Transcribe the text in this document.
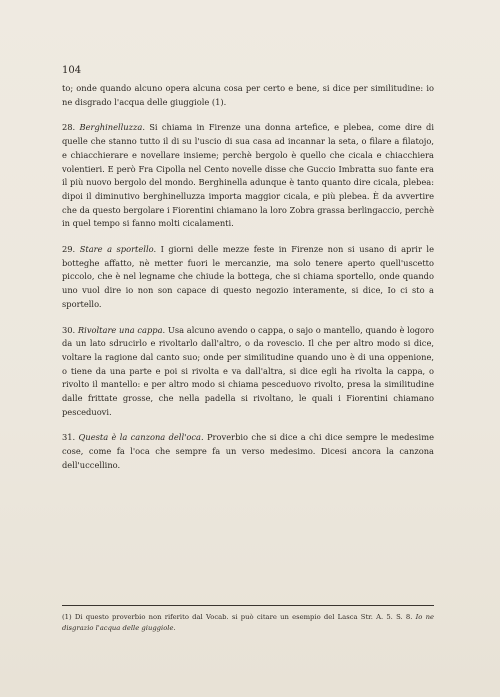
104

to; onde quando alcuno opera alcuna cosa per certo e bene, si dice per similitudine: io ne disgrado l'acqua delle giuggiole (1).

28. Berghinelluzza. Si chiama in Firenze una donna artefice, e plebea, come dire di quelle che stanno tutto il di su l'uscio di sua casa ad incannar la seta, o filare a filatojo, e chiacchierare e novellare insieme; perchè bergolo è quello che cicala e chiacchiera volentieri. E però Fra Cipolla nel Cento novelle disse che Guccio Imbratta suo fante era il più nuovo bergolo del mondo. Berghinella adunque è tanto quanto dire cicala, plebea: dipoi il diminutivo berghinelluzza importa maggior cicala, e più plebea. È da avvertire che da questo bergolare i Fiorentini chiamano la loro Zobra grassa berlingaccio, perchè in quel tempo si fanno molti cicalamenti.

29. Stare a sportello. I giorni delle mezze feste in Firenze non si usano di aprir le botteghe affatto, nè metter fuori le mercanzie, ma solo tenere aperto quell'uscetto piccolo, che è nel legname che chiude la bottega, che si chiama sportello, onde quando uno vuol dire io non son capace di questo negozio interamente, si dice, Io ci sto a sportello.

30. Rivoltare una cappa. Usa alcuno avendo o cappa, o sajo o mantello, quando è logoro da un lato sdrucirlo e rivoltarlo dall'altro, o da rovescio. Il che per altro modo si dice, voltare la ragione dal canto suo; onde per similitudine quando uno è di una oppenione, o tiene da una parte e poi si rivolta e va dall'altra, si dice egli ha rivolta la cappa, o rivolto il mantello: e per altro modo si chiama pesceduovo rivolto, presa la similitudine dalle frittate grosse, che nella padella si rivoltano, le quali i Fiorentini chiamano pesceduovi.

31. Questa è la canzona dell'oca. Proverbio che si dice a chi dice sempre le medesime cose, come fa l'oca che sempre fa un verso medesimo. Dicesi ancora la canzona dell'uccellino.

(1) Di questo proverbio non riferito dal Vocab. si può citare un esempio del Lasca Str. A. 5. S. 8. Io ne disgrazio l'acqua delle giuggiole.
